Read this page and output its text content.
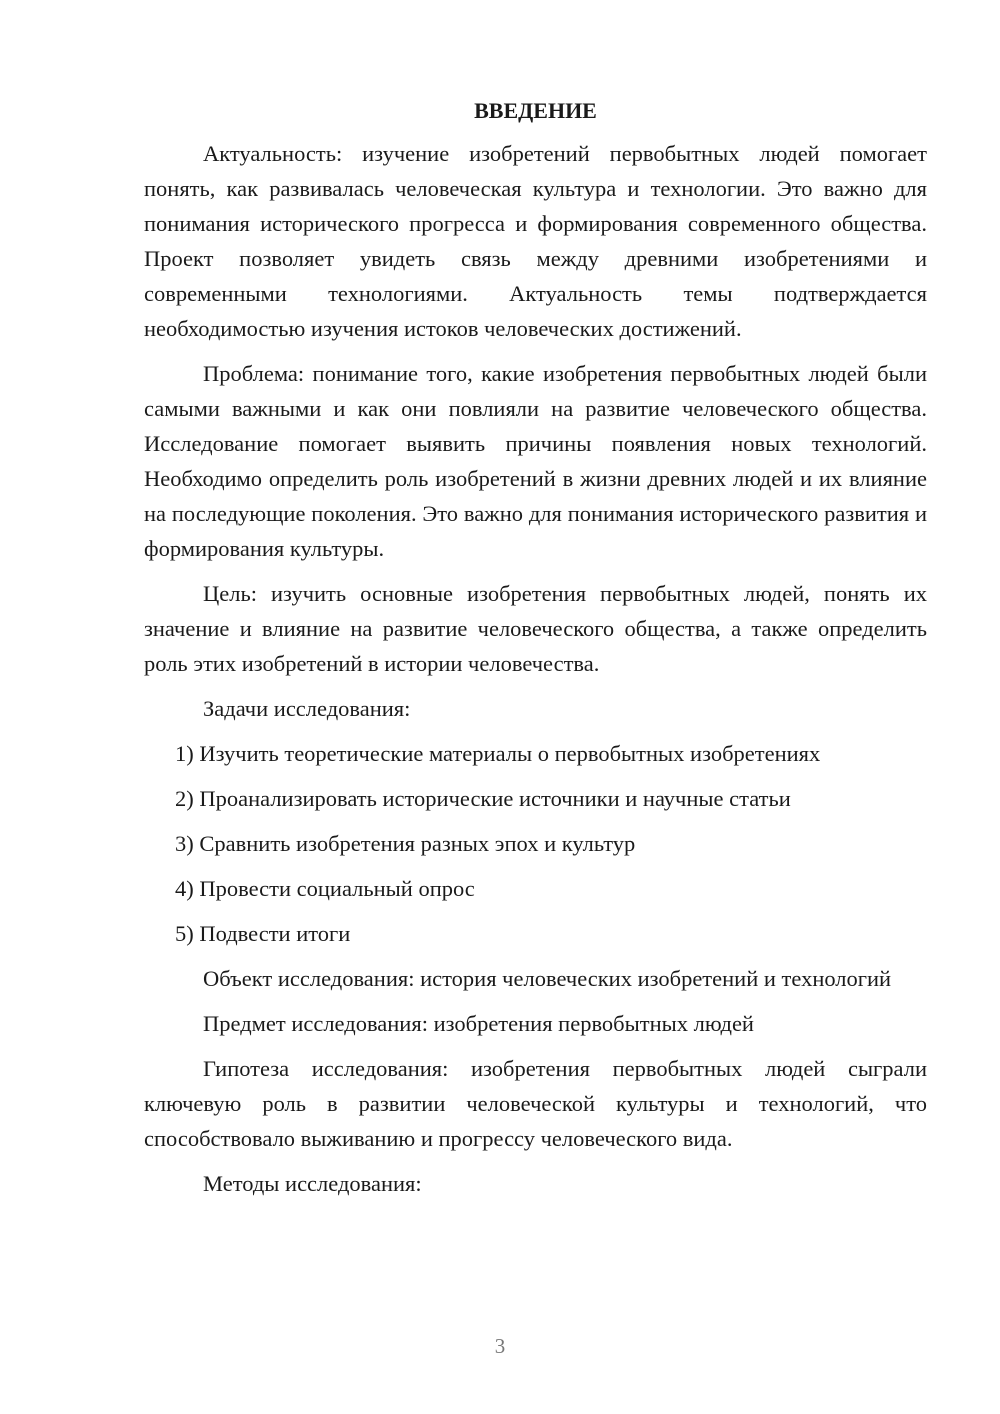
ВВЕДЕНИЕ

Актуальность: изучение изобретений первобытных людей помогает понять, как развивалась человеческая культура и технологии. Это важно для понимания исторического прогресса и формирования современного общества. Проект позволяет увидеть связь между древними изобретениями и современными технологиями. Актуальность темы подтверждается необходимостью изучения истоков человеческих достижений.

Проблема: понимание того, какие изобретения первобытных людей были самыми важными и как они повлияли на развитие человеческого общества. Исследование помогает выявить причины появления новых технологий. Необходимо определить роль изобретений в жизни древних людей и их влияние на последующие поколения. Это важно для понимания исторического развития и формирования культуры.

Цель: изучить основные изобретения первобытных людей, понять их значение и влияние на развитие человеческого общества, а также определить роль этих изобретений в истории человечества.

Задачи исследования:

1) Изучить теоретические материалы о первобытных изобретениях
2) Проанализировать исторические источники и научные статьи
3) Сравнить изобретения разных эпох и культур
4) Провести социальный опрос
5) Подвести итоги

Объект исследования: история человеческих изобретений и технологий

Предмет исследования: изобретения первобытных людей

Гипотеза исследования: изобретения первобытных людей сыграли ключевую роль в развитии человеческой культуры и технологий, что способствовало выживанию и прогрессу человеческого вида.

Методы исследования:

3
